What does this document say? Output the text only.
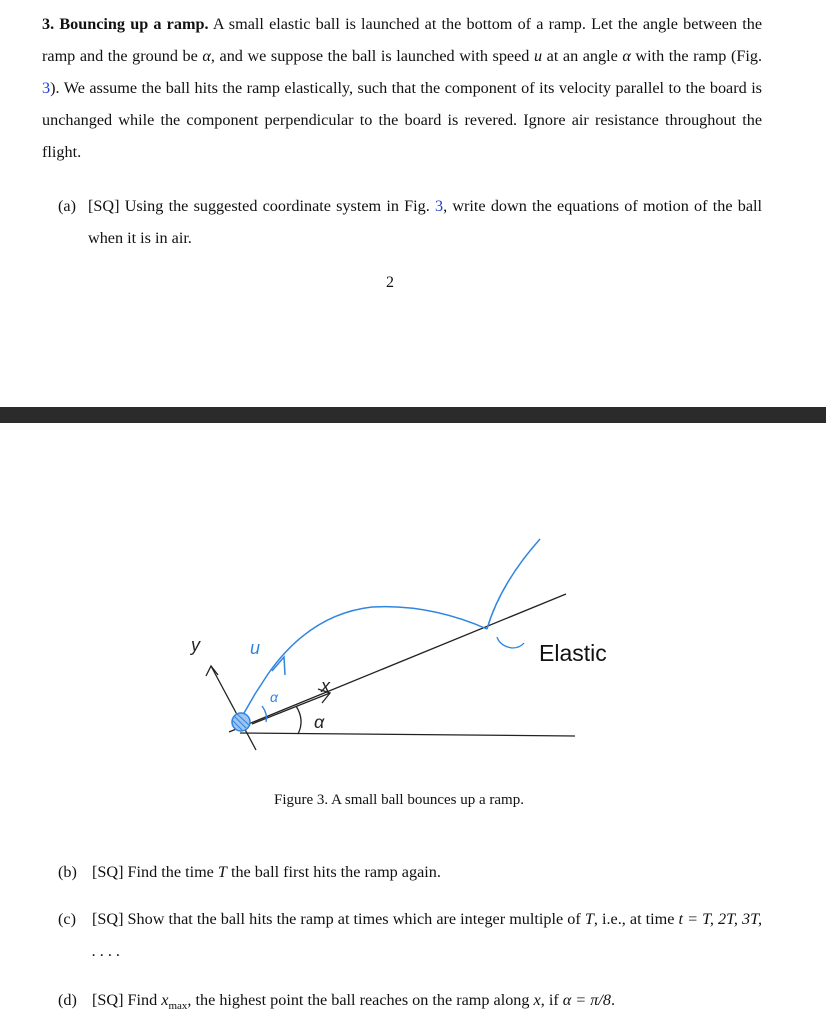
3. Bouncing up a ramp. A small elastic ball is launched at the bottom of a ramp. Let the angle between the ramp and the ground be α, and we suppose the ball is launched with speed u at an angle α with the ramp (Fig. 3). We assume the ball hits the ramp elastically, such that the component of its velocity parallel to the board is unchanged while the component perpendicular to the board is revered. Ignore air resistance throughout the flight.
(a) [SQ] Using the suggested coordinate system in Fig. 3, write down the equations of motion of the ball when it is in air.
2
y	u
x
α
α
Elastic
Figure 3. A small ball bounces up a ramp.
(b) [SQ] Find the time T the ball first hits the ramp again.
(c) [SQ] Show that the ball hits the ramp at times which are integer multiple of T, i.e., at time t = T, 2T, 3T, . . . .
(d) [SQ] Find $x_{max}$, the highest point the ball reaches on the ramp along x, if α = π/8.
